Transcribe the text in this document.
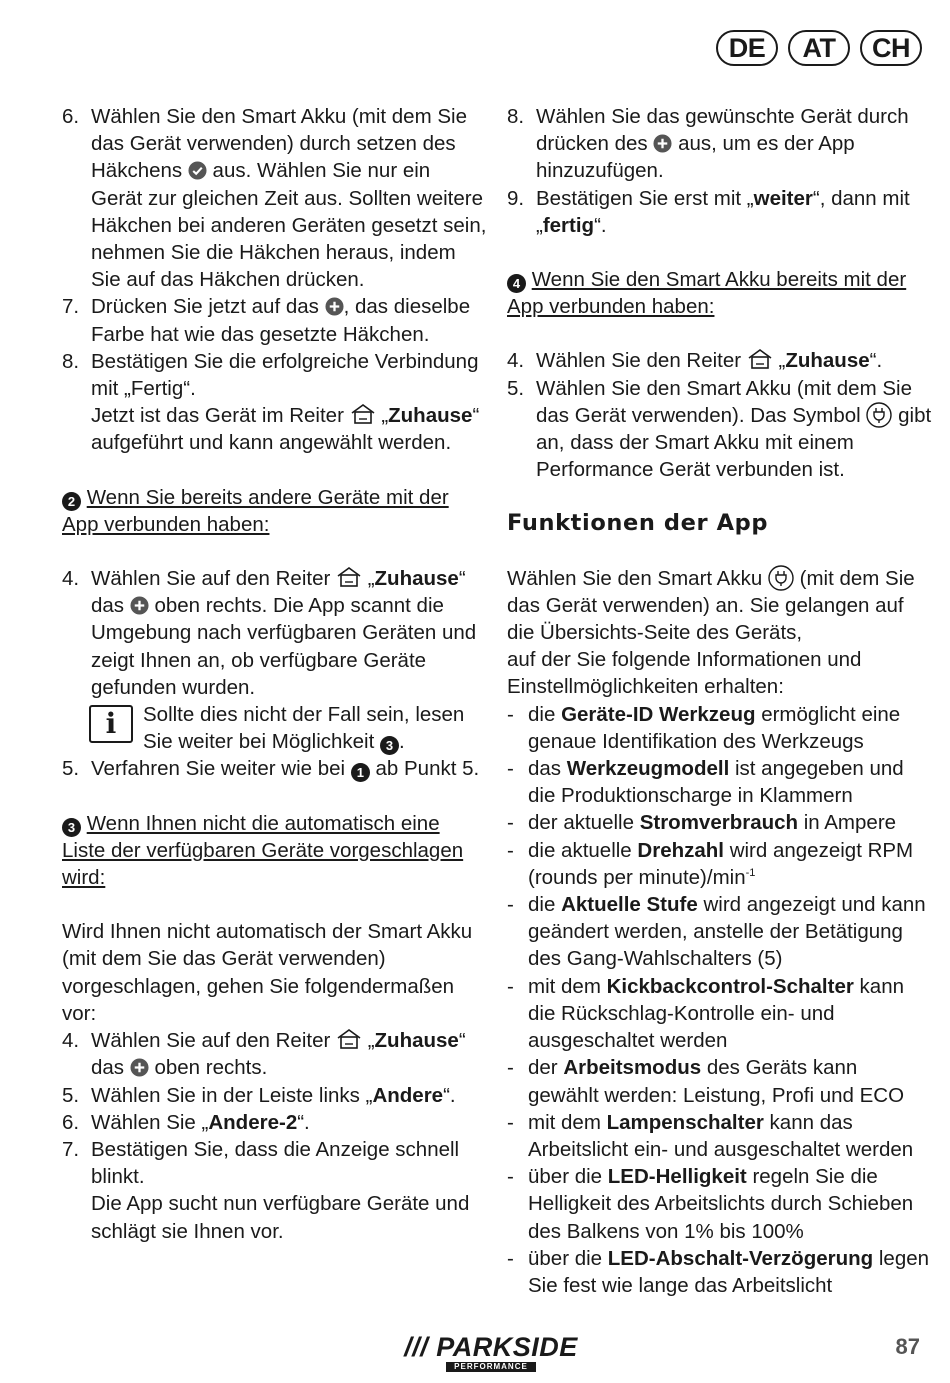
DE	AT	CH
6. Wählen Sie den Smart Akku (mit dem Sie das Gerät verwenden) durch setzen des Häkchens  aus. Wählen Sie nur ein Gerät zur gleichen Zeit aus. Sollten weitere Häkchen bei anderen Geräten gesetzt sein, nehmen Sie die Häkchen heraus, indem Sie auf das Häkchen drücken.
7. Drücken Sie jetzt auf das , das dieselbe Farbe hat wie das gesetzte Häkchen.
8. Bestätigen Sie die erfolgreiche Verbindung mit „Fertig“.
Jetzt ist das Gerät im Reiter  „Zuhause“ aufgeführt und kann angewählt werden.

2 Wenn Sie bereits andere Geräte mit der App verbunden haben:

4. Wählen Sie auf den Reiter  „Zuhause“ das  oben rechts. Die App scannt die Umgebung nach verfügbaren Geräten und zeigt Ihnen an, ob verfügbare Geräte gefunden wurden.
i	Sollte dies nicht der Fall sein, lesen Sie weiter bei Möglichkeit 3 .
5. Verfahren Sie weiter wie bei 1 ab Punkt 5.

3 Wenn Ihnen nicht die automatisch eine Liste der verfügbaren Geräte vorgeschlagen wird:

Wird Ihnen nicht automatisch der Smart Akku (mit dem Sie das Gerät verwenden) vorgeschlagen, gehen Sie folgendermaßen vor:

4. Wählen Sie auf den Reiter  „Zuhause“ das  oben rechts.
5. Wählen Sie in der Leiste links „Andere“.
6. Wählen Sie „Andere-2“.
7. Bestätigen Sie, dass die Anzeige schnell blinkt.
Die App sucht nun verfügbare Geräte und schlägt sie Ihnen vor.
8. Wählen Sie das gewünschte Gerät durch drücken des  aus, um es der App hinzuzufügen.
9. Bestätigen Sie erst mit „weiter“, dann mit „fertig“.

4 Wenn Sie den Smart Akku bereits mit der App verbunden haben:

4. Wählen Sie den Reiter  „Zuhause“.
5. Wählen Sie den Smart Akku (mit dem Sie das Gerät verwenden). Das Symbol  gibt an, dass der Smart Akku mit einem Performance Gerät verbunden ist.
Funktionen der App

Wählen Sie den Smart Akku  (mit dem Sie das Gerät verwenden) an. Sie gelangen auf die Übersichts-Seite des Geräts,
auf der Sie folgende Informationen und Einstellmöglichkeiten erhalten:

- die Geräte-ID Werkzeug ermöglicht eine genaue Identifikation des Werkzeugs
- das Werkzeugmodell ist angegeben und die Produktionscharge in Klammern
- der aktuelle Stromverbrauch in Ampere
- die aktuelle Drehzahl wird angezeigt RPM (rounds per $minute)/\min^{-1}$
- die Aktuelle Stufe wird angezeigt und kann geändert werden, anstelle der Betätigung des Gang-Wahlschalters (5)
- mit dem Kickbackcontrol-Schalter kann die Rückschlag-Kontrolle ein- und ausgeschaltet werden
- der Arbeitsmodus des Geräts kann gewählt werden: Leistung, Profi und ECO
- mit dem Lampenschalter kann das Arbeitslicht ein- und ausgeschaltet werden
- über die LED-Helligkeit regeln Sie die Helligkeit des Arbeitslichts durch Schieben des Balkens von 1% bis 100%
- über die LED-Abschalt-Verzögerung legen Sie fest wie lange das Arbeitslicht
/// PARKSIDE
PERFORMANCE
87
